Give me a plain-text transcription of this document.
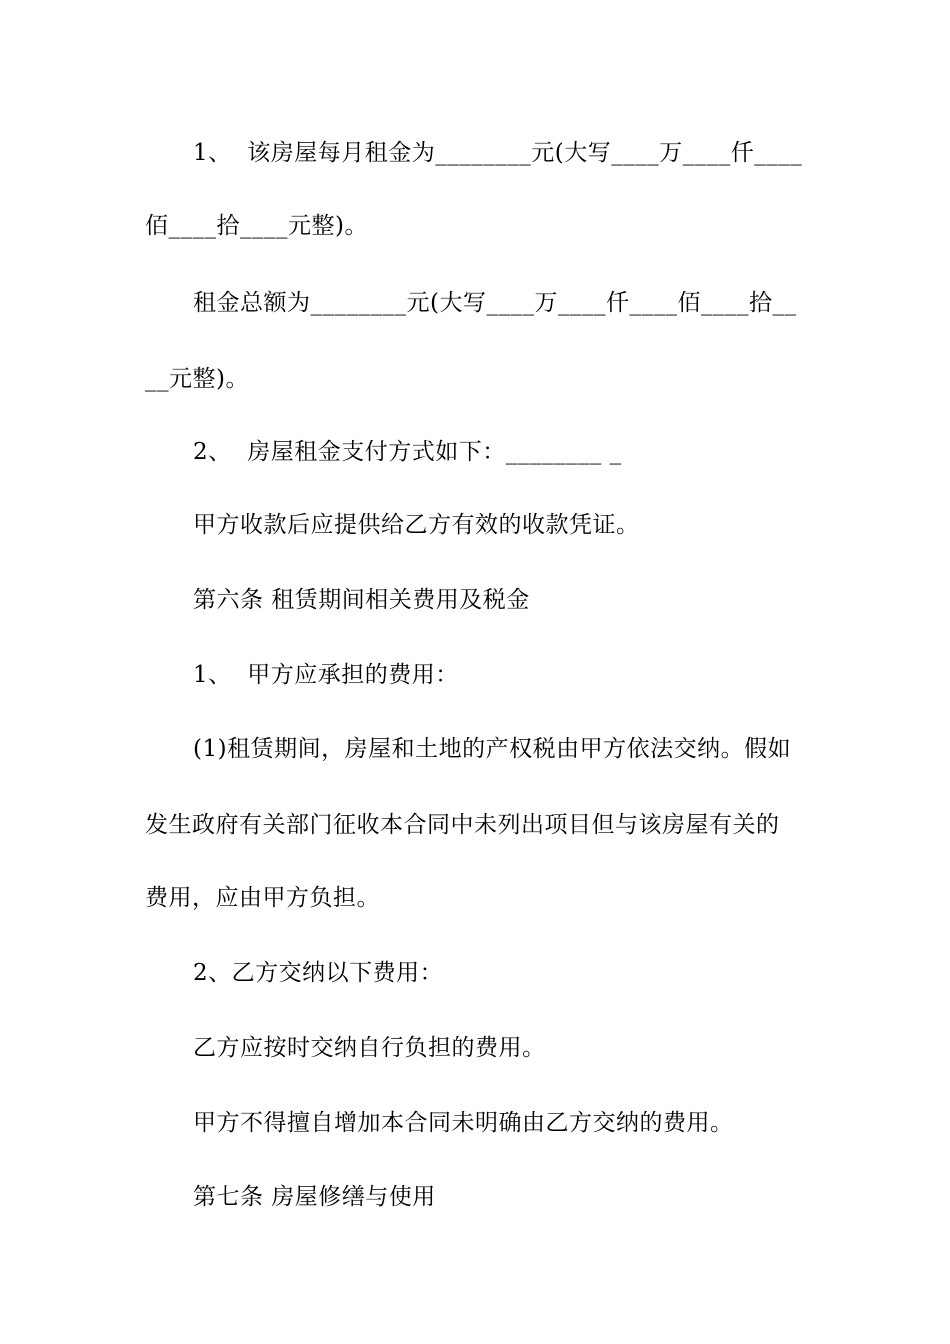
1、  该房屋每月租金为________元(大写____万____仟____
佰____拾____元整)。
租金总额为________元(大写____万____仟____佰____拾__
__元整)。
2、  房屋租金支付方式如下：________ _
甲方收款后应提供给乙方有效的收款凭证。
第六条 租赁期间相关费用及税金
1、  甲方应承担的费用：
(1)租赁期间，房屋和土地的产权税由甲方依法交纳。假如
发生政府有关部门征收本合同中未列出项目但与该房屋有关的
费用，应由甲方负担。
2、乙方交纳以下费用：
乙方应按时交纳自行负担的费用。
甲方不得擅自增加本合同未明确由乙方交纳的费用。
第七条 房屋修缮与使用
